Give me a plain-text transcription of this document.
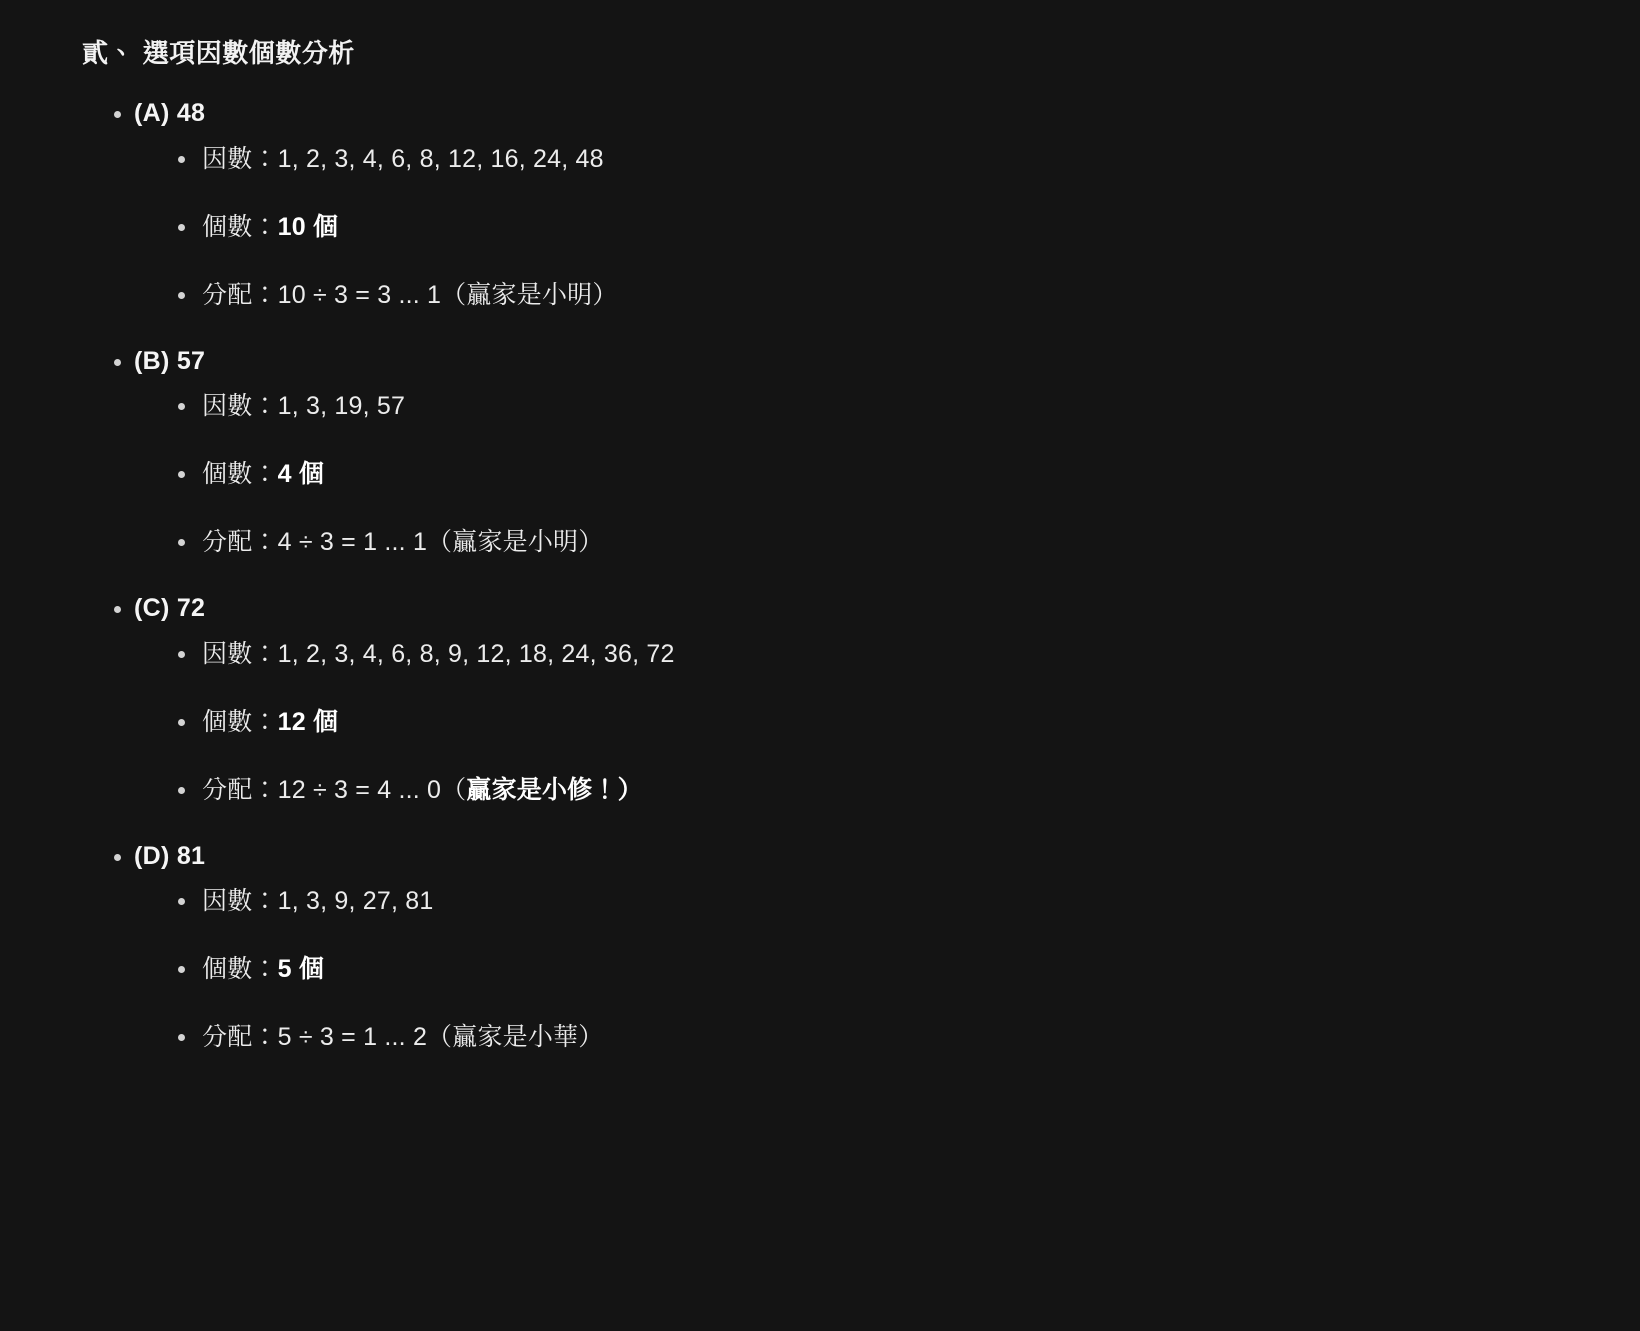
貳、 選項因數個數分析
(A) 48
因數：1, 2, 3, 4, 6, 8, 12, 16, 24, 48
個數：10 個
分配：10 ÷ 3 = 3 ... 1（贏家是小明）
(B) 57
因數：1, 3, 19, 57
個數：4 個
分配：4 ÷ 3 = 1 ... 1（贏家是小明）
(C) 72
因數：1, 2, 3, 4, 6, 8, 9, 12, 18, 24, 36, 72
個數：12 個
分配：12 ÷ 3 = 4 ... 0（贏家是小修！）
(D) 81
因數：1, 3, 9, 27, 81
個數：5 個
分配：5 ÷ 3 = 1 ... 2（贏家是小華）
